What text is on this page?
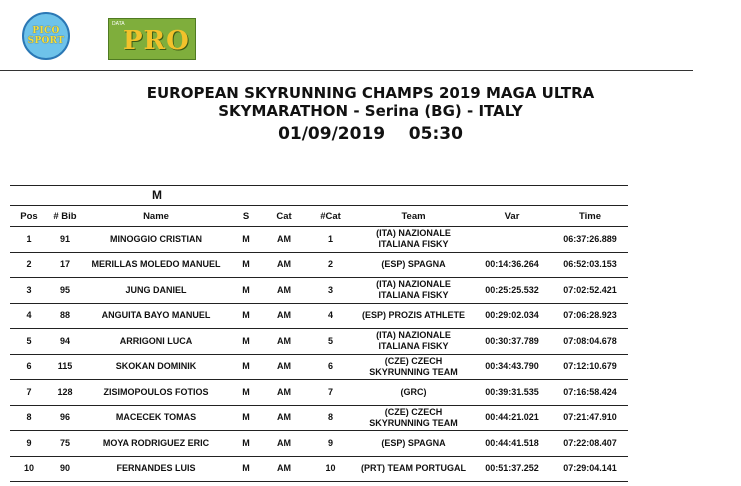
PICO
SPORT
DATA
PRO
EUROPEAN SKYRUNNING CHAMPS 2019 MAGA ULTRA
SKYMARATHON - Serina (BG) - ITALY
01/09/2019 05:30
M
Pos	# Bib	Name	S	Cat	#Cat	Team	Var	Time
1	91	MINOGGIO CRISTIAN	M	AM	1	(ITA) NAZIONALE ITALIANA FISKY		06:37:26.889
2	17	MERILLAS MOLEDO MANUEL	M	AM	2	(ESP) SPAGNA	00:14:36.264	06:52:03.153
3	95	JUNG DANIEL	M	AM	3	(ITA) NAZIONALE ITALIANA FISKY	00:25:25.532	07:02:52.421
4	88	ANGUITA BAYO MANUEL	M	AM	4	(ESP) PROZIS ATHLETE	00:29:02.034	07:06:28.923
5	94	ARRIGONI LUCA	M	AM	5	(ITA) NAZIONALE ITALIANA FISKY	00:30:37.789	07:08:04.678
6	115	SKOKAN DOMINIK	M	AM	6	(CZE) CZECH SKYRUNNING TEAM	00:34:43.790	07:12:10.679
7	128	ZISIMOPOULOS FOTIOS	M	AM	7	(GRC)	00:39:31.535	07:16:58.424
8	96	MACECEK TOMAS	M	AM	8	(CZE) CZECH SKYRUNNING TEAM	00:44:21.021	07:21:47.910
9	75	MOYA RODRIGUEZ ERIC	M	AM	9	(ESP) SPAGNA	00:44:41.518	07:22:08.407
10	90	FERNANDES LUIS	M	AM	10	(PRT) TEAM PORTUGAL	00:51:37.252	07:29:04.141
